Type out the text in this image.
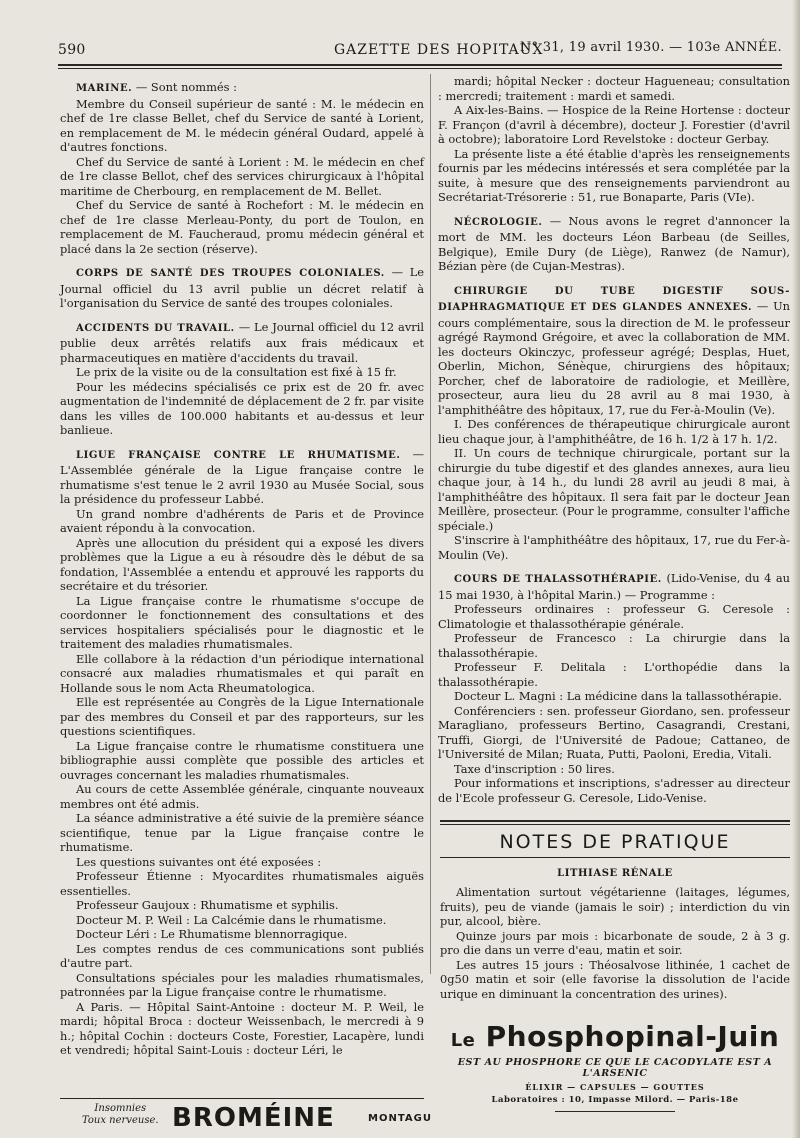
590	GAZETTE DES HOPITAUX
N° 31, 19 avril 1930. — 103e ANNÉE.

MARINE. — Sont nommés :

Membre du Conseil supérieur de santé : M. le médecin en chef de 1re classe Bellet, chef du Service de santé à Lorient, en remplacement de M. le médecin général Oudard, appelé à d'autres fonctions.

Chef du Service de santé à Lorient : M. le médecin en chef de 1re classe Bellot, chef des services chirurgicaux à l'hôpital maritime de Cherbourg, en remplacement de M. Bellet.

Chef du Service de santé à Rochefort : M. le médecin en chef de 1re classe Merleau-Ponty, du port de Toulon, en remplacement de M. Faucheraud, promu médecin général et placé dans la 2e section (réserve).

CORPS DE SANTÉ DES TROUPES COLONIALES. — Le Journal officiel du 13 avril publie un décret relatif à l'organisation du Service de santé des troupes coloniales.

ACCIDENTS DU TRAVAIL. — Le Journal officiel du 12 avril publie deux arrêtés relatifs aux frais médicaux et pharmaceutiques en matière d'accidents du travail.

Le prix de la visite ou de la consultation est fixé à 15 fr.

Pour les médecins spécialisés ce prix est de 20 fr. avec augmentation de l'indemnité de déplacement de 2 fr. par visite dans les villes de 100.000 habitants et au-dessus et leur banlieue.

LIGUE FRANÇAISE CONTRE LE RHUMATISME. — L'Assemblée générale de la Ligue française contre le rhumatisme s'est tenue le 2 avril 1930 au Musée Social, sous la présidence du professeur Labbé.

Un grand nombre d'adhérents de Paris et de Province avaient répondu à la convocation.

Après une allocution du président qui a exposé les divers problèmes que la Ligue a eu à résoudre dès le début de sa fondation, l'Assemblée a entendu et approuvé les rapports du secrétaire et du trésorier.

La Ligue française contre le rhumatisme s'occupe de coordonner le fonctionnement des consultations et des services hospitaliers spécialisés pour le diagnostic et le traitement des maladies rhumatismales.

Elle collabore à la rédaction d'un périodique international consacré aux maladies rhumatismales et qui paraît en Hollande sous le nom Acta Rheumatologica.

Elle est représentée au Congrès de la Ligue Internationale par des membres du Conseil et par des rapporteurs, sur les questions scientifiques.

La Ligue française contre le rhumatisme constituera une bibliographie aussi complète que possible des articles et ouvrages concernant les maladies rhumatismales.

Au cours de cette Assemblée générale, cinquante nouveaux membres ont été admis.

La séance administrative a été suivie de la première séance scientifique, tenue par la Ligue française contre le rhumatisme.

Les questions suivantes ont été exposées :

Professeur Étienne : Myocardites rhumatismales aiguës essentielles.

Professeur Gaujoux : Rhumatisme et syphilis.

Docteur M. P. Weil : La Calcémie dans le rhumatisme.

Docteur Léri : Le Rhumatisme blennorragique.

Les comptes rendus de ces communications sont publiés d'autre part.

Consultations spéciales pour les maladies rhumatismales, patronnées par la Ligue française contre le rhumatisme.

A Paris. — Hôpital Saint-Antoine : docteur M. P. Weil, le mardi; hôpital Broca : docteur Weissenbach, le mercredi à 9 h.; hôpital Cochin : docteurs Coste, Forestier, Lacapère, lundi et vendredi; hôpital Saint-Louis : docteur Léri, le

mardi; hôpital Necker : docteur Hagueneau; consultation : mercredi; traitement : mardi et samedi.

A Aix-les-Bains. — Hospice de la Reine Hortense : docteur F. Françon (d'avril à décembre), docteur J. Forestier (d'avril à octobre); laboratoire Lord Revelstoke : docteur Gerbay.

La présente liste a été établie d'après les renseignements fournis par les médecins intéressés et sera complétée par la suite, à mesure que des renseignements parviendront au Secrétariat-Trésorerie : 51, rue Bonaparte, Paris (VIe).

NÉCROLOGIE. — Nous avons le regret d'annoncer la mort de MM. les docteurs Léon Barbeau (de Seilles, Belgique), Emile Dury (de Liège), Ranwez (de Namur), Bézian père (de Cujan-Mestras).

CHIRURGIE DU TUBE DIGESTIF SOUS-DIAPHRAGMATIQUE ET DES GLANDES ANNEXES. — Un cours complémentaire, sous la direction de M. le professeur agrégé Raymond Grégoire, et avec la collaboration de MM. les docteurs Okinczyc, professeur agrégé; Desplas, Huet, Oberlin, Michon, Sénèque, chirurgiens des hôpitaux; Porcher, chef de laboratoire de radiologie, et Meillère, prosecteur, aura lieu du 28 avril au 8 mai 1930, à l'amphithéâtre des hôpitaux, 17, rue du Fer-à-Moulin (Ve).

I. Des conférences de thérapeutique chirurgicale auront lieu chaque jour, à l'amphithéâtre, de 16 h. 1/2 à 17 h. 1/2.

II. Un cours de technique chirurgicale, portant sur la chirurgie du tube digestif et des glandes annexes, aura lieu chaque jour, à 14 h., du lundi 28 avril au jeudi 8 mai, à l'amphithéâtre des hôpitaux. Il sera fait par le docteur Jean Meillère, prosecteur. (Pour le programme, consulter l'affiche spéciale.)

S'inscrire à l'amphithéâtre des hôpitaux, 17, rue du Fer-à-Moulin (Ve).

COURS DE THALASSOTHÉRAPIE. (Lido-Venise, du 4 au 15 mai 1930, à l'hôpital Marin.) — Programme :

Professeurs ordinaires : professeur G. Ceresole : Climatologie et thalassothérapie générale.

Professeur de Francesco : La chirurgie dans la thalassothérapie.

Professeur F. Delitala : L'orthopédie dans la thalassothérapie.

Docteur L. Magni : La médicine dans la tallassothérapie.

Conférenciers : sen. professeur Giordano, sen. professeur Maragliano, professeurs Bertino, Casagrandi, Crestani, Truffi, Giorgi, de l'Université de Padoue; Cattaneo, de l'Université de Milan; Ruata, Putti, Paoloni, Eredia, Vitali.

Taxe d'inscription : 50 lires.

Pour informations et inscriptions, s'adresser au directeur de l'Ecole professeur G. Ceresole, Lido-Venise.

NOTES DE PRATIQUE
LITHIASE RÉNALE

Alimentation surtout végétarienne (laitages, légumes, fruits), peu de viande (jamais le soir) ; interdiction du vin pur, alcool, bière.

Quinze jours par mois : bicarbonate de soude, 2 à 3 g. pro die dans un verre d'eau, matin et soir.

Les autres 15 jours : Théosalvose lithinée, 1 cachet de 0g50 matin et soir (elle favorise la dissolution de l'acide urique en diminuant la concentration des urines).

Le Phosphopinal-Juin
EST AU PHOSPHORE CE QUE LE CACODYLATE EST A L'ARSENIC
ÉLIXIR — CAPSULES — GOUTTES
Laboratoires : 10, Impasse Milord. — Paris-18e
Insomnies
Toux nerveuse. BROMÉINE	MONTAGU
